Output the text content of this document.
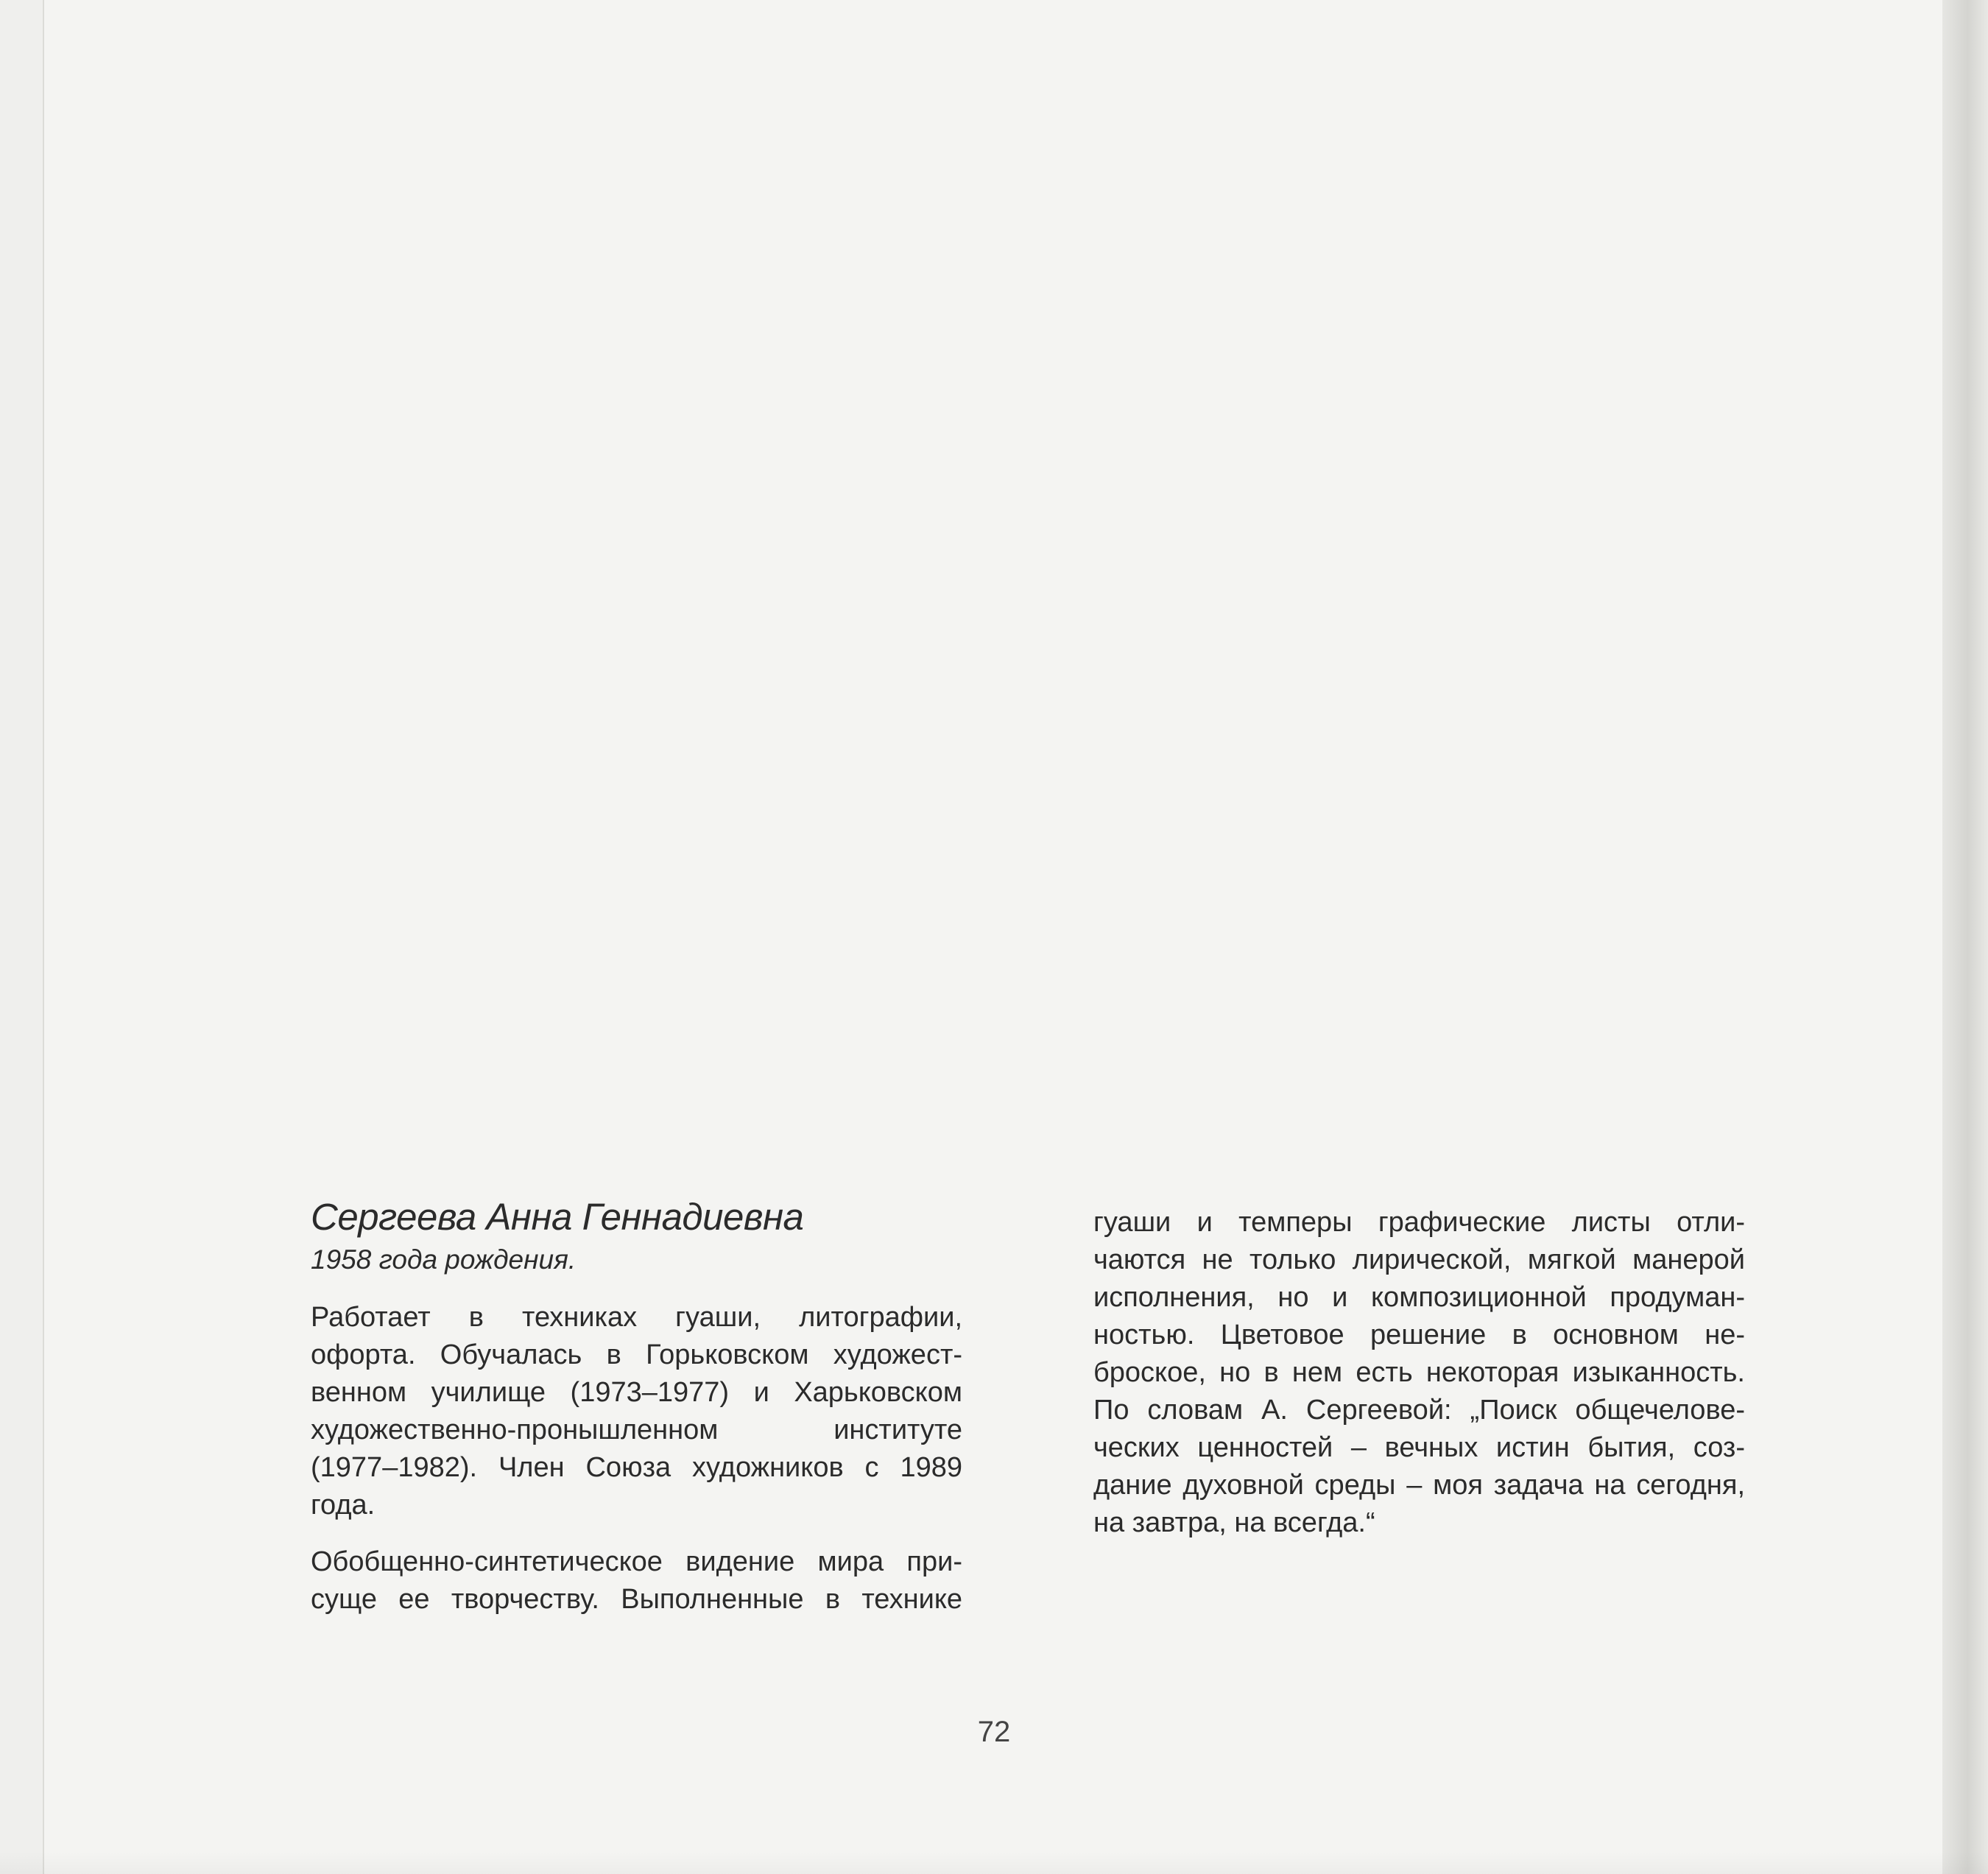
Сергеева Анна Геннадиевна
1958 года рождения.
Работает в техниках гуаши, литографии,
офорта. Обучалась в Горьковском художест-
венном училище (1973–1977) и Харьковском
художественно-пронышленном институте
(1977–1982). Член Союза художников с 1989
года.
Обобщенно-синтетическое видение мира при-
суще ее творчеству. Выполненные в технике
гуаши и темперы графические листы отли-
чаются не только лирической, мягкой манерой
исполнения, но и композиционной продуман-
ностью. Цветовое решение в основном не-
броское, но в нем есть некоторая изыканность.
По словам А. Сергеевой: „Поиск общечелове-
ческих ценностей – вечных истин бытия, соз-
дание духовной среды – моя задача на сегодня,
на завтра, на всегда.“
72
